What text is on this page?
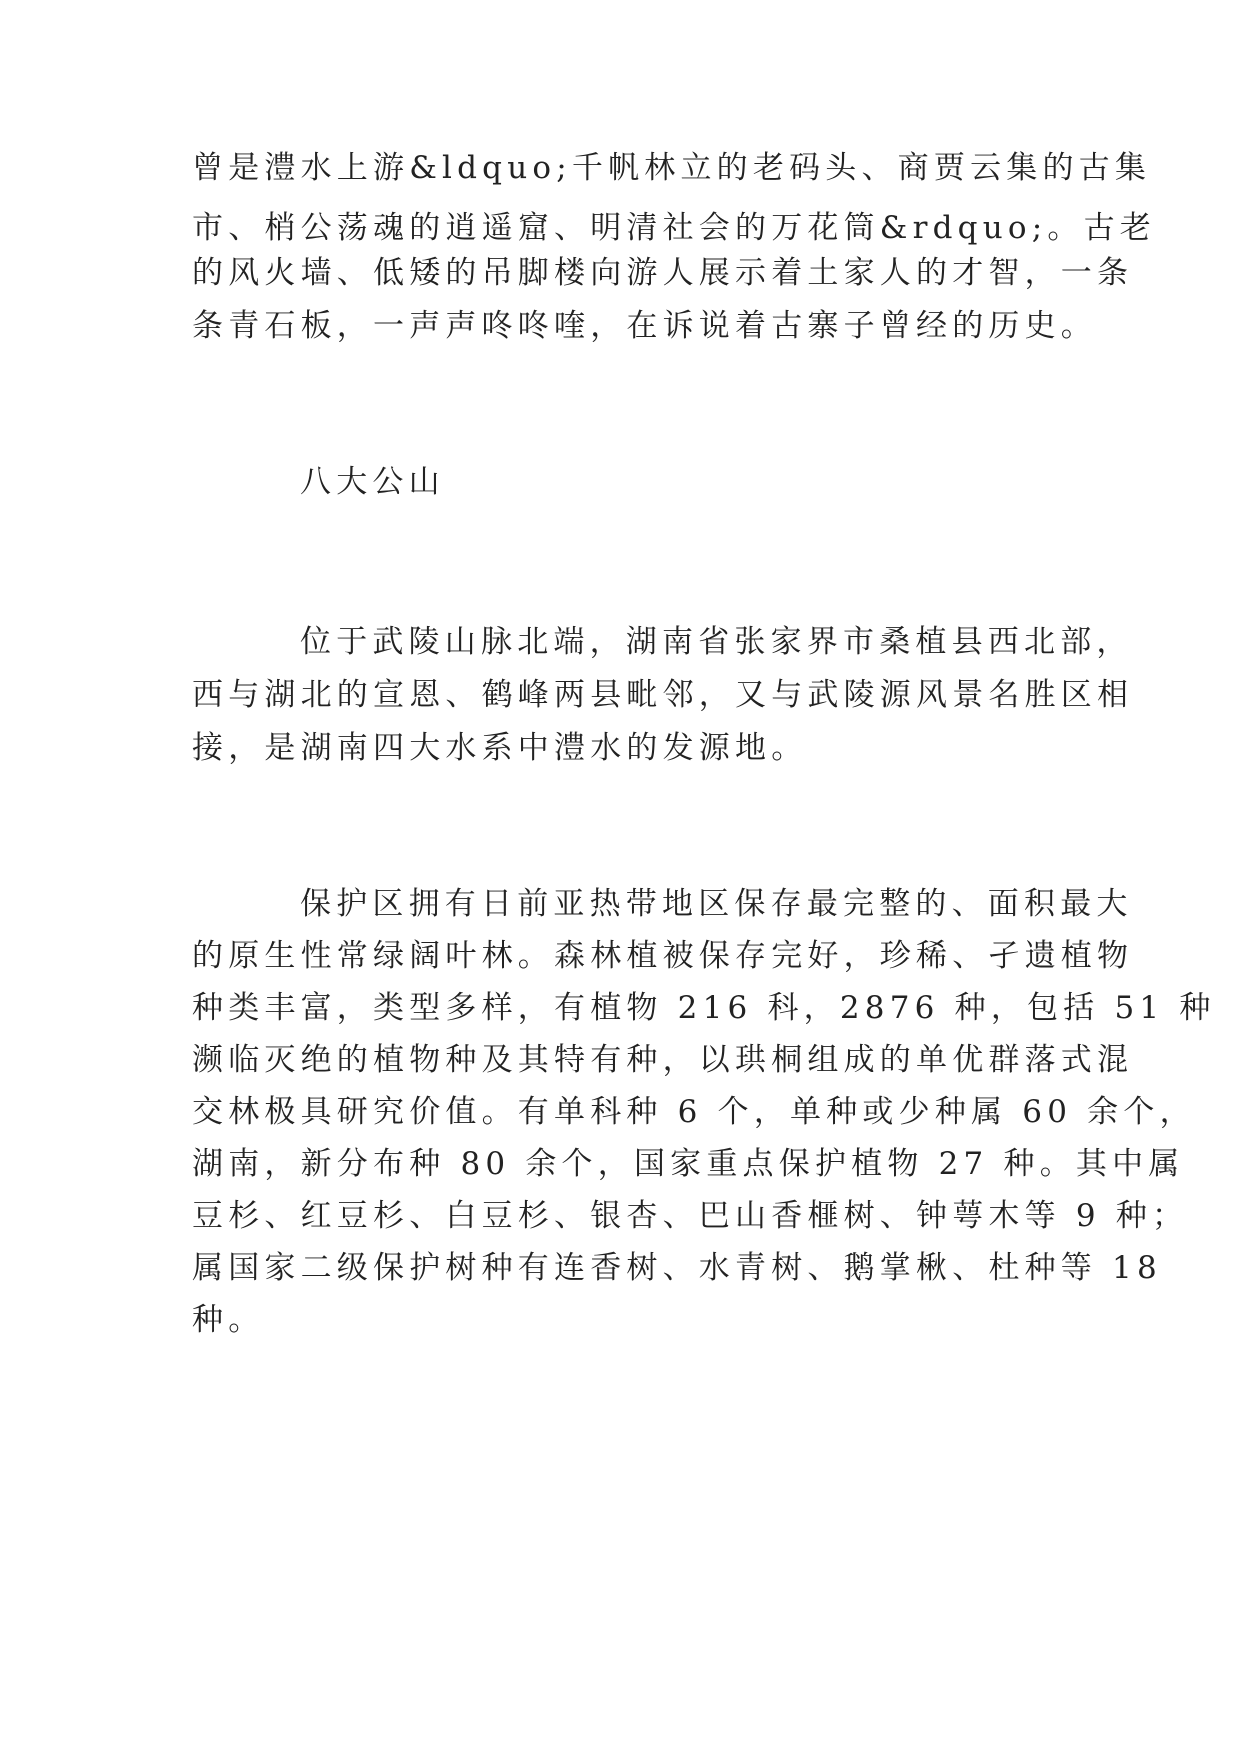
曾是澧水上游&ldquo;千帆林立的老码头、商贾云集的古集
市、梢公荡魂的逍遥窟、明清社会的万花筒&rdquo;。古老
的风火墙、低矮的吊脚楼向游人展示着土家人的才智，一条
条青石板，一声声咚咚喹，在诉说着古寨子曾经的历史。
八大公山
位于武陵山脉北端，湖南省张家界市桑植县西北部，
西与湖北的宣恩、鹤峰两县毗邻，又与武陵源风景名胜区相
接，是湖南四大水系中澧水的发源地。
保护区拥有日前亚热带地区保存最完整的、面积最大
的原生性常绿阔叶林。森林植被保存完好，珍稀、孑遗植物
种类丰富，类型多样，有植物 216 科，2876 种，包括 51 种
濒临灭绝的植物种及其特有种，以珙桐组成的单优群落式混
交林极具研究价值。有单科种 6 个，单种或少种属 60 余个，
湖南，新分布种 80 余个，国家重点保护植物 27 种。其中属
豆杉、红豆杉、白豆杉、银杏、巴山香榧树、钟萼木等 9 种；
属国家二级保护树种有连香树、水青树、鹅掌楸、杜种等 18
种。
